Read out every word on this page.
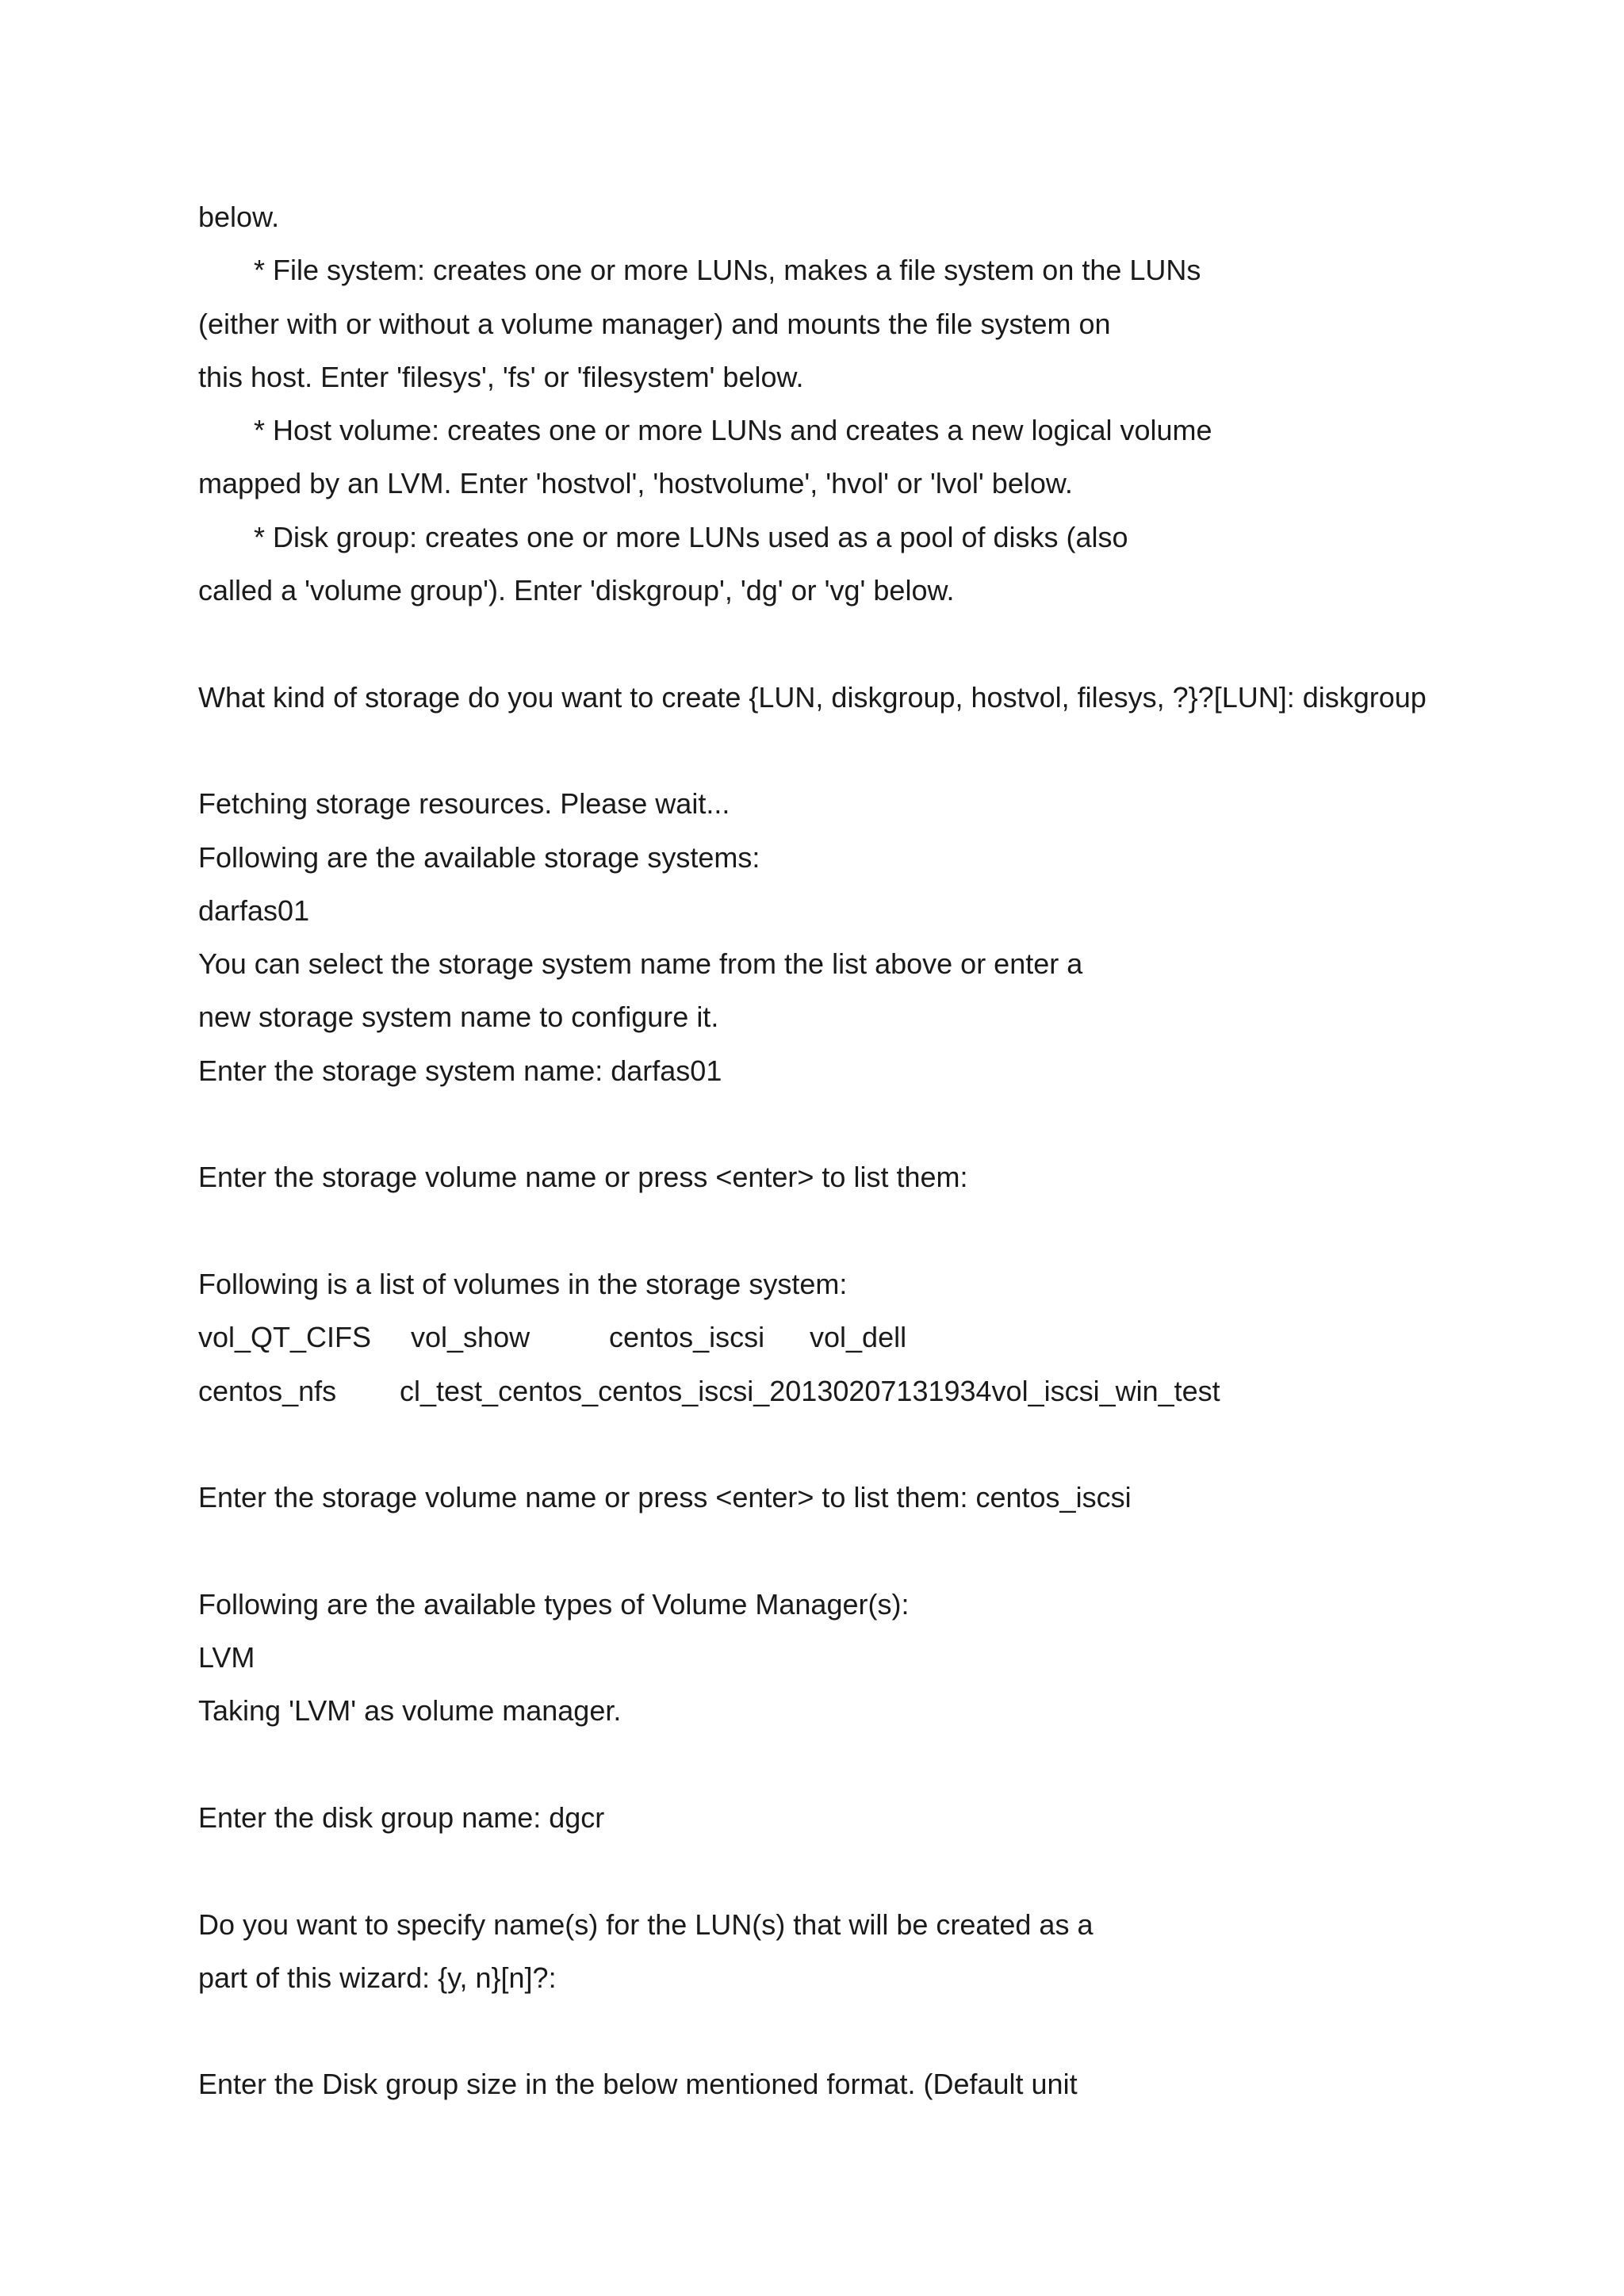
below.
* File system: creates one or more LUNs, makes a file system on the LUNs
(either with or without a volume manager) and mounts the file system on
this host. Enter 'filesys', 'fs' or 'filesystem' below.
* Host volume: creates one or more LUNs and creates a new logical volume
mapped by an LVM. Enter 'hostvol', 'hostvolume', 'hvol' or 'lvol' below.
* Disk group: creates one or more LUNs used as a pool of disks (also
called a 'volume group'). Enter 'diskgroup', 'dg' or 'vg' below.
What kind of storage do you want to create {LUN, diskgroup, hostvol, filesys, ?}?[LUN]: diskgroup
Fetching storage resources. Please wait...
Following are the available storage systems:
darfas01
You can select the storage system name from the list above or enter a
new storage system name to configure it.
Enter the storage system name: darfas01
Enter the storage volume name or press <enter> to list them:
Following is a list of volumes in the storage system:
vol_QT_CIFS	vol_show	centos_iscsi	vol_dell
centos_nfs	cl_test_centos_centos_iscsi_20130207131934vol_iscsi_win_test
Enter the storage volume name or press <enter> to list them: centos_iscsi
Following are the available types of Volume Manager(s):
LVM
Taking 'LVM' as volume manager.
Enter the disk group name: dgcr
Do you want to specify name(s) for the LUN(s) that will be created as a
part of this wizard: {y, n}[n]?:
Enter the Disk group size in the below mentioned format. (Default unit
